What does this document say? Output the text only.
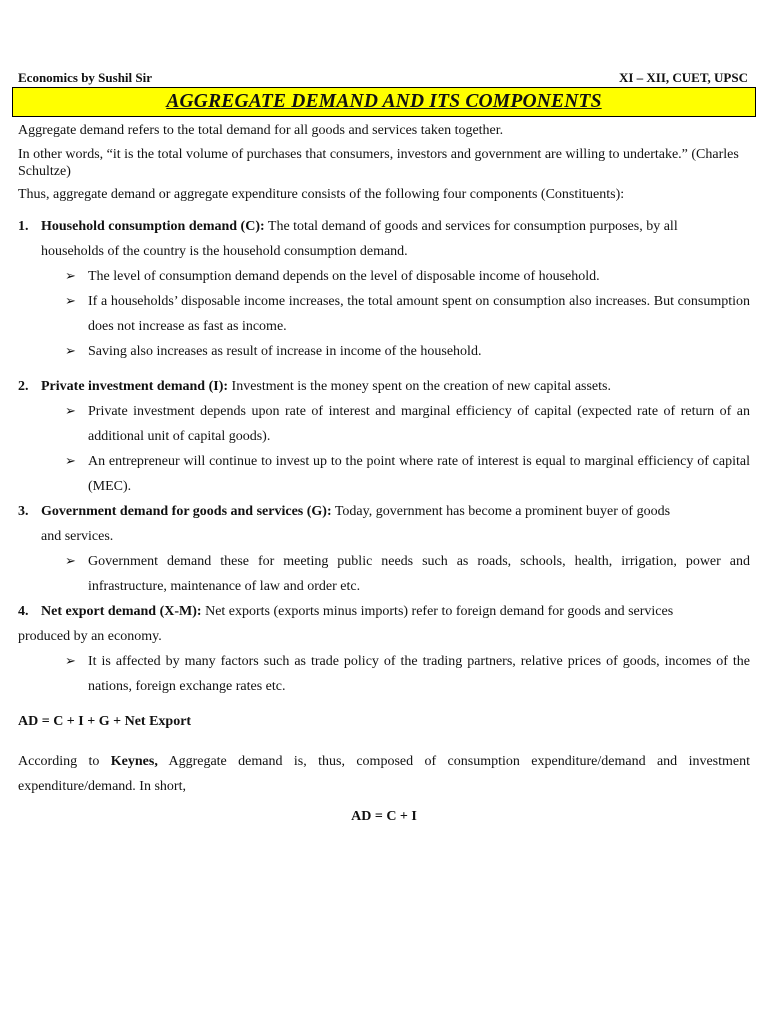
Economics by Sushil Sir	XI – XII, CUET, UPSC
AGGREGATE DEMAND AND ITS COMPONENTS

Aggregate demand refers to the total demand for all goods and services taken together.

In other words, “it is the total volume of purchases that consumers, investors and government are willing to undertake.” (Charles Schultze)

Thus, aggregate demand or aggregate expenditure consists of the following four components (Constituents):

1. Household consumption demand (C): The total demand of goods and services for consumption purposes, by all
households of the country is the household consumption demand.
➢ The level of consumption demand depends on the level of disposable income of household.
➢ If a households’ disposable income increases, the total amount spent on consumption also increases. But consumption does not increase as fast as income.
➢ Saving also increases as result of increase in income of the household.
2. Private investment demand (I): Investment is the money spent on the creation of new capital assets.
➢ Private investment depends upon rate of interest and marginal efficiency of capital (expected rate of return of an additional unit of capital goods).
➢ An entrepreneur will continue to invest up to the point where rate of interest is equal to marginal efficiency of capital (MEC).
3. Government demand for goods and services (G): Today, government has become a prominent buyer of goods
and services.
➢ Government demand these for meeting public needs such as roads, schools, health, irrigation, power and infrastructure, maintenance of law and order etc.
4. Net export demand (X-M): Net exports (exports minus imports) refer to foreign demand for goods and services
produced by an economy.
➢ It is affected by many factors such as trade policy of the trading partners, relative prices of goods, incomes of the nations, foreign exchange rates etc.

AD = C + I + G + Net Export

According to Keynes, Aggregate demand is, thus, composed of consumption expenditure/demand and investment expenditure/demand. In short,

AD = C + I
